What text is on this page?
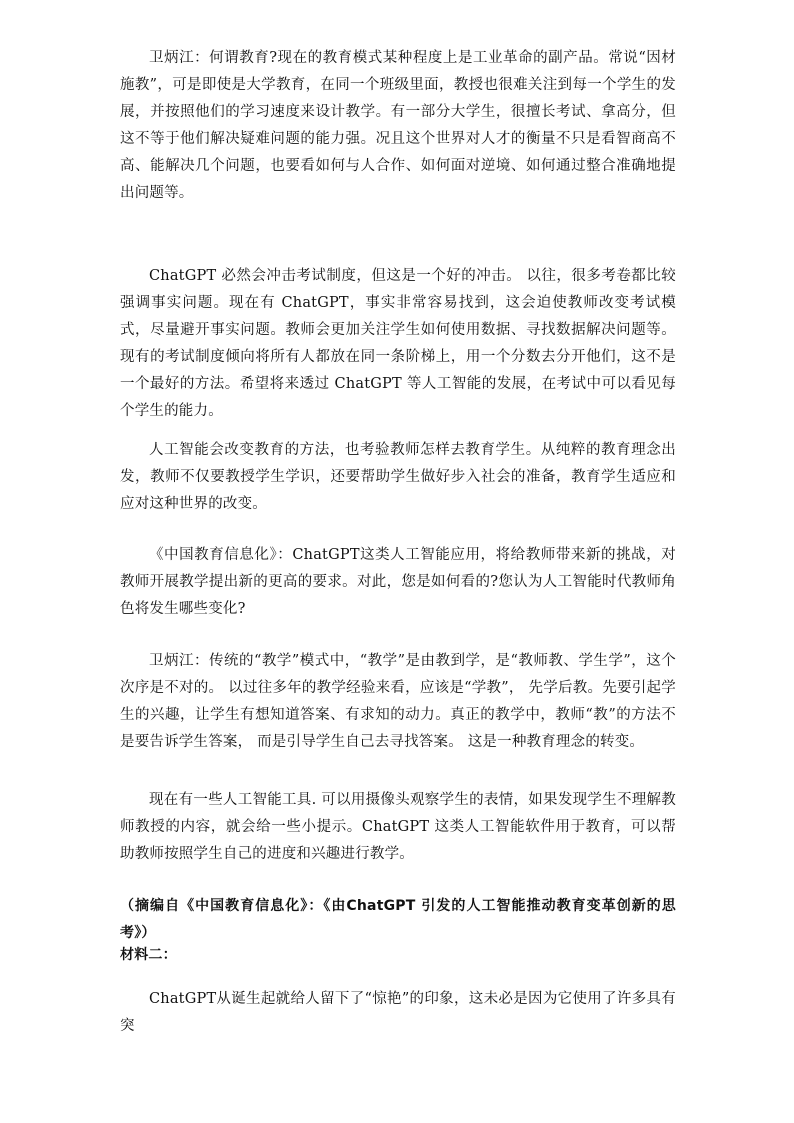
卫炳江：何谓教育?现在的教育模式某种程度上是工业革命的副产品。常说“因材施教”，可是即使是大学教育，在同一个班级里面，教授也很难关注到每一个学生的发展，并按照他们的学习速度来设计教学。有一部分大学生，很擅长考试、拿高分，但这不等于他们解决疑难问题的能力强。况且这个世界对人才的衡量不只是看智商高不高、能解决几个问题，也要看如何与人合作、如何面对逆境、如何通过整合准确地提出问题等。

ChatGPT 必然会冲击考试制度，但这是一个好的冲击。 以往，很多考卷都比较强调事实问题。现在有 ChatGPT，事实非常容易找到，这会迫使教师改变考试模式，尽量避开事实问题。教师会更加关注学生如何使用数据、寻找数据解决问题等。现有的考试制度倾向将所有人都放在同一条阶梯上，用一个分数去分开他们，这不是一个最好的方法。希望将来透过 ChatGPT 等人工智能的发展，在考试中可以看见每个学生的能力。

人工智能会改变教育的方法，也考验教师怎样去教育学生。从纯粹的教育理念出发，教师不仅要教授学生学识，还要帮助学生做好步入社会的准备，教育学生适应和应对这种世界的改变。

《中国教育信息化》：ChatGPT这类人工智能应用，将给教师带来新的挑战，对教师开展教学提出新的更高的要求。对此，您是如何看的?您认为人工智能时代教师角色将发生哪些变化?

卫炳江：传统的“教学”模式中，“教学”是由教到学，是“教师教、学生学”，这个次序是不对的。 以过往多年的教学经验来看，应该是“学教”， 先学后教。先要引起学生的兴趣，让学生有想知道答案、有求知的动力。真正的教学中，教师“教”的方法不是要告诉学生答案， 而是引导学生自己去寻找答案。 这是一种教育理念的转变。

现在有一些人工智能工具. 可以用摄像头观察学生的表情，如果发现学生不理解教师教授的内容，就会给一些小提示。ChatGPT 这类人工智能软件用于教育，可以帮助教师按照学生自己的进度和兴趣进行教学。

（摘编自《中国教育信息化》：《由ChatGPT 引发的人工智能推动教育变革创新的思考》）

材料二：

ChatGPT从诞生起就给人留下了“惊艳”的印象，这未必是因为它使用了许多具有突
